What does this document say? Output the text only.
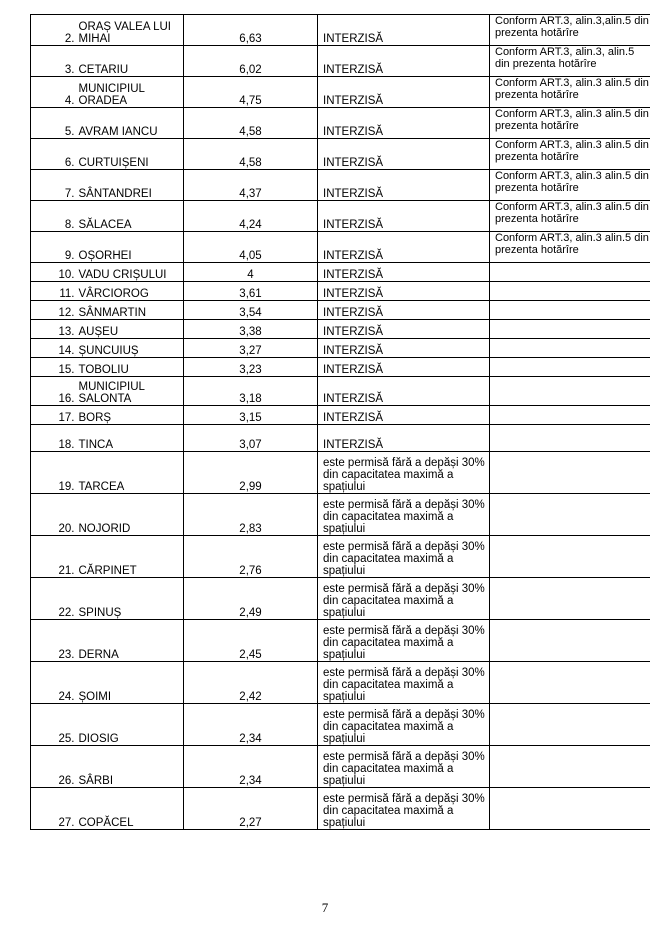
2.	ORAȘ VALEA LUI MIHAI	6,63	INTERZISĂ	Conform ART.3, alin.3,alin.5 din prezenta hotărîre
3.	CETARIU	6,02	INTERZISĂ	Conform ART.3, alin.3, alin.5 din prezenta hotărîre
4.	MUNICIPIUL ORADEA	4,75	INTERZISĂ	Conform ART.3, alin.3 alin.5 din prezenta hotărîre
5.	AVRAM IANCU	4,58	INTERZISĂ	Conform ART.3, alin.3 alin.5 din prezenta hotărîre
6.	CURTUIȘENI	4,58	INTERZISĂ	Conform ART.3, alin.3 alin.5 din prezenta hotărîre
7.	SÂNTANDREI	4,37	INTERZISĂ	Conform ART.3, alin.3 alin.5 din prezenta hotărîre
8.	SĂLACEA	4,24	INTERZISĂ	Conform ART.3, alin.3 alin.5 din prezenta hotărîre
9.	OȘORHEI	4,05	INTERZISĂ	Conform ART.3, alin.3 alin.5 din prezenta hotărîre
10.	VADU CRIȘULUI	4	INTERZISĂ	
11.	VÂRCIOROG	3,61	INTERZISĂ	
12.	SÂNMARTIN	3,54	INTERZISĂ	
13.	AUȘEU	3,38	INTERZISĂ	
14.	ȘUNCUIUȘ	3,27	INTERZISĂ	
15.	TOBOLIU	3,23	INTERZISĂ	
16.	MUNICIPIUL SALONTA	3,18	INTERZISĂ	
17.	BORȘ	3,15	INTERZISĂ	
18.	TINCA	3,07	INTERZISĂ	
19.	TARCEA	2,99	este permisă fără a depăși 30% din capacitatea maximă a spațiului	
20.	NOJORID	2,83	este permisă fără a depăși 30% din capacitatea maximă a spațiului	
21.	CĂRPINET	2,76	este permisă fără a depăși 30% din capacitatea maximă a spațiului	
22.	SPINUȘ	2,49	este permisă fără a depăși 30% din capacitatea maximă a spațiului	
23.	DERNA	2,45	este permisă fără a depăși 30% din capacitatea maximă a spațiului	
24.	ȘOIMI	2,42	este permisă fără a depăși 30% din capacitatea maximă a spațiului	
25.	DIOSIG	2,34	este permisă fără a depăși 30% din capacitatea maximă a spațiului	
26.	SÂRBI	2,34	este permisă fără a depăși 30% din capacitatea maximă a spațiului	
27.	COPĂCEL	2,27	este permisă fără a depăși 30% din capacitatea maximă a spațiului	
7
